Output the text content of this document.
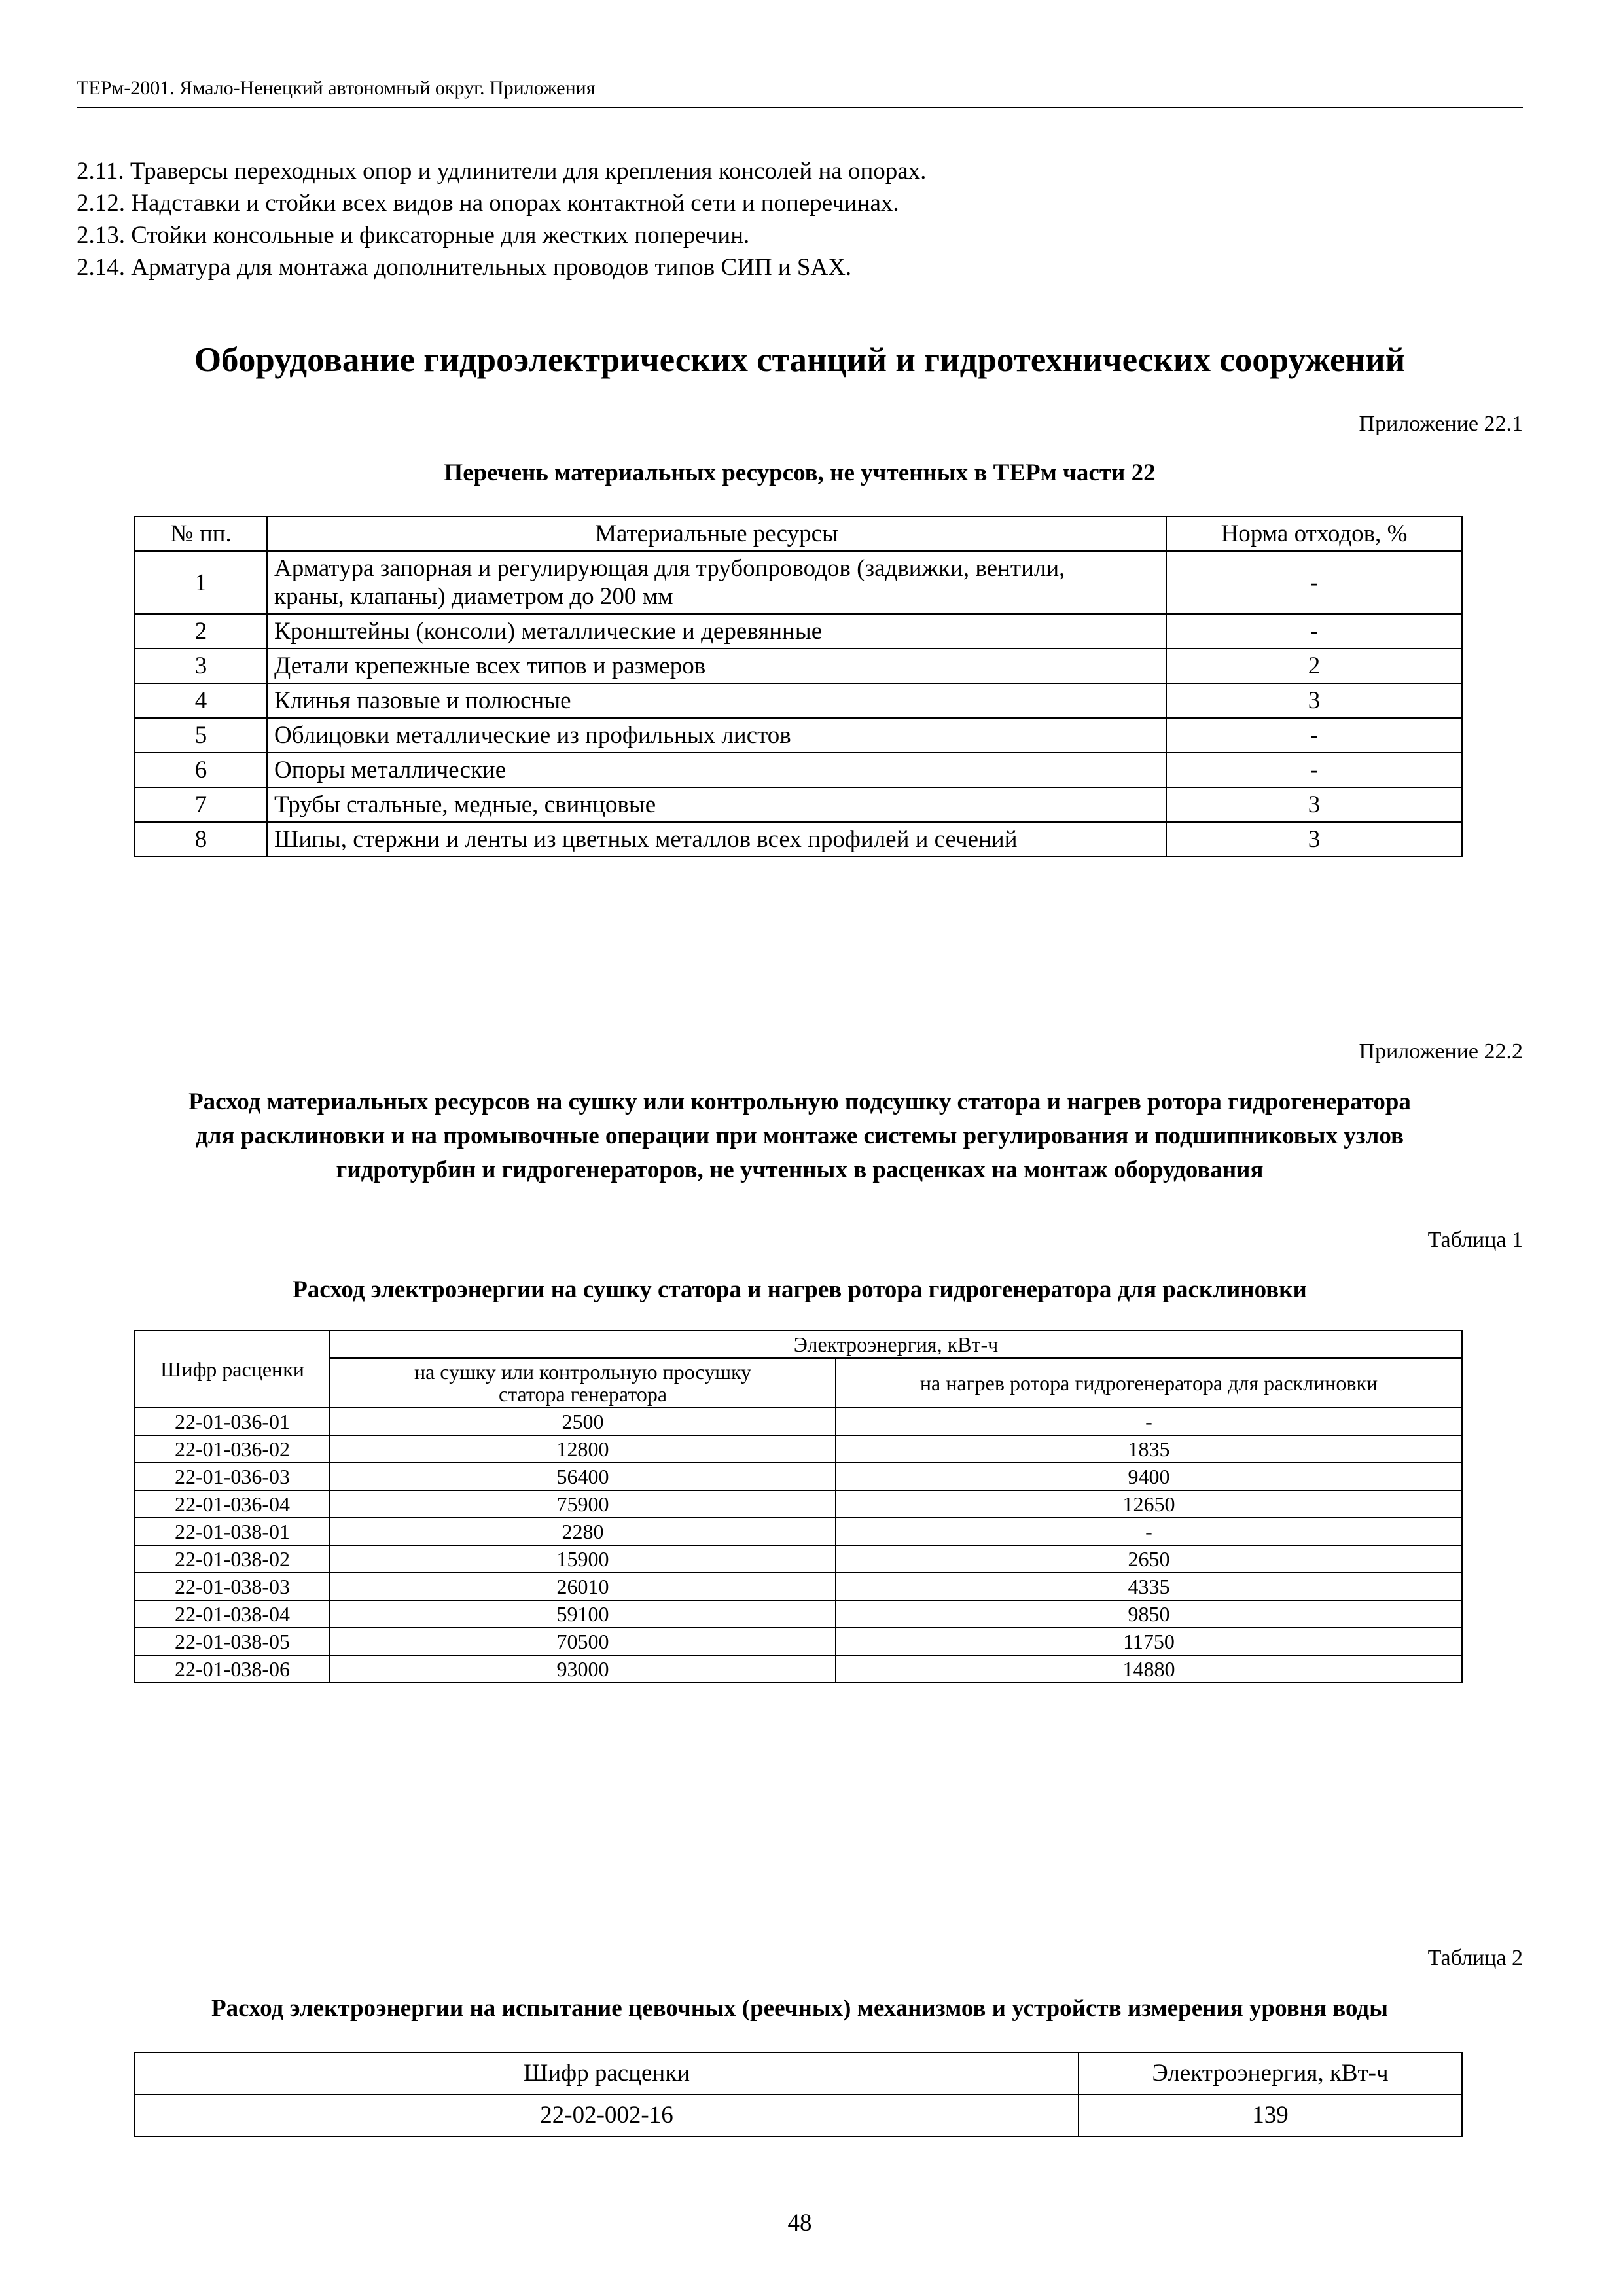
ТЕРм-2001. Ямало-Ненецкий автономный округ. Приложения
2.11. Траверсы переходных опор и удлинители для крепления консолей на опорах.
2.12. Надставки и стойки всех видов на опорах контактной сети и поперечинах.
2.13. Стойки консольные и фиксаторные для жестких поперечин.
2.14. Арматура для монтажа дополнительных проводов типов СИП и SAX.
Оборудование гидроэлектрических станций и гидротехнических сооружений
Приложение 22.1
Перечень материальных ресурсов, не учтенных в ТЕРм части 22
№ пп.	Материальные ресурсы	Норма отходов, %
1	Арматура запорная и регулирующая для трубопроводов (задвижки, вентили,
краны, клапаны) диаметром до 200 мм	-
2	Кронштейны (консоли) металлические и деревянные	-
3	Детали крепежные всех типов и размеров	2
4	Клинья пазовые и полюсные	3
5	Облицовки металлические из профильных листов	-
6	Опоры металлические	-
7	Трубы стальные, медные, свинцовые	3
8	Шипы, стержни и ленты из цветных металлов всех профилей и сечений	3
Приложение 22.2
Расход материальных ресурсов на сушку или контрольную подсушку статора и нагрев ротора гидрогенератора
для расклиновки и на промывочные операции при монтаже системы регулирования и подшипниковых узлов
гидротурбин и гидрогенераторов, не учтенных в расценках на монтаж оборудования
Таблица 1
Расход электроэнергии на сушку статора и нагрев ротора гидрогенератора для расклиновки
Шифр расценки	Электроэнергия, кВт-ч	

	на сушку или контрольную просушку
статора генератора	на нагрев ротора гидрогенератора для расклиновки
22-01-036-01	2500	-
22-01-036-02	12800	1835
22-01-036-03	56400	9400
22-01-036-04	75900	12650
22-01-038-01	2280	-
22-01-038-02	15900	2650
22-01-038-03	26010	4335
22-01-038-04	59100	9850
22-01-038-05	70500	11750
22-01-038-06	93000	14880
Таблица 2
Расход электроэнергии на испытание цевочных (реечных) механизмов и устройств измерения уровня воды
Шифр расценки	Электроэнергия, кВт-ч
22-02-002-16	139
48
